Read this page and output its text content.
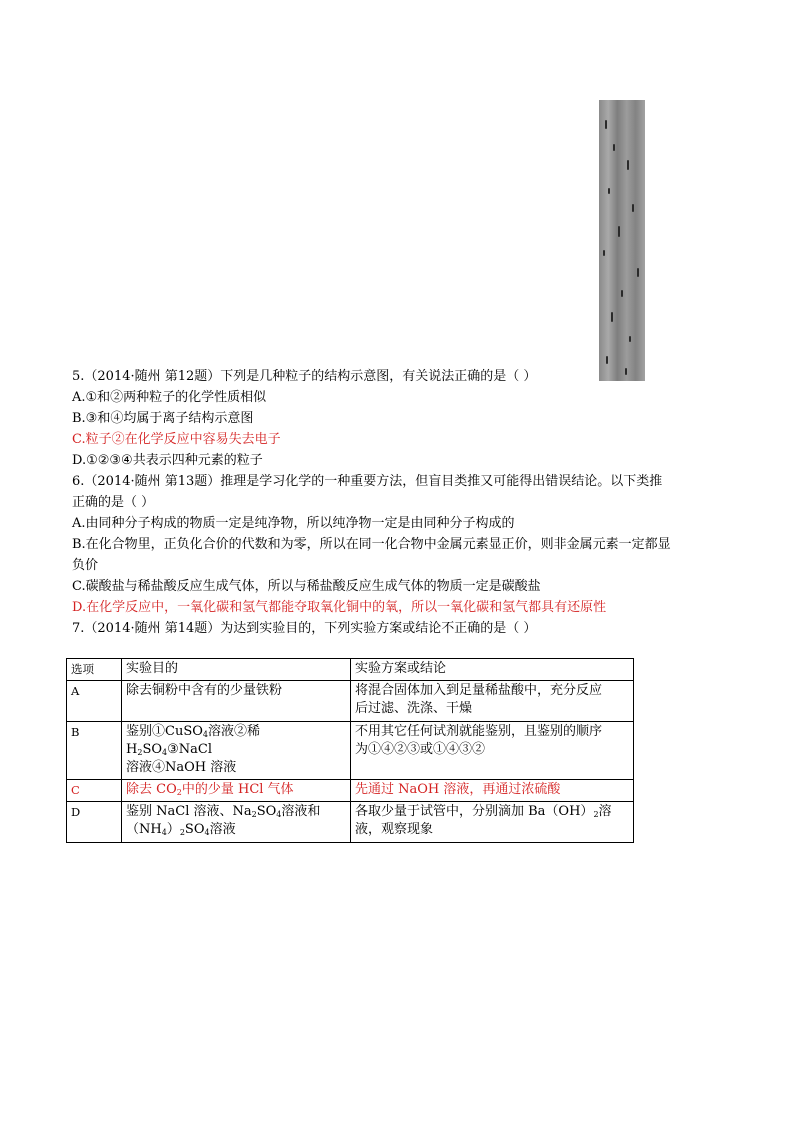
5.（2014·随州 第12题）下列是几种粒子的结构示意图，有关说法正确的是（ ）
A.①和②两种粒子的化学性质相似
B.③和④均属于离子结构示意图
C.粒子②在化学反应中容易失去电子
D.①②③④共表示四种元素的粒子
6.（2014·随州 第13题）推理是学习化学的一种重要方法，但盲目类推又可能得出错误结论。以下类推
正确的是（ ）
A.由同种分子构成的物质一定是纯净物，所以纯净物一定是由同种分子构成的
B.在化合物里，正负化合价的代数和为零，所以在同一化合物中金属元素显正价，则非金属元素一定都显
负价
C.碳酸盐与稀盐酸反应生成气体，所以与稀盐酸反应生成气体的物质一定是碳酸盐
D.在化学反应中，一氧化碳和氢气都能夺取氧化铜中的氧，所以一氧化碳和氢气都具有还原性
7.（2014·随州 第14题）为达到实验目的，下列实验方案或结论不正确的是（ ）
选项	实验目的	实验方案或结论
A	除去铜粉中含有的少量铁粉	将混合固体加入到足量稀盐酸中，充分反应
后过滤、洗涤、干燥
B	鉴别①CuSO$_4$溶液②稀 $H_2SO_4③NaCl$
溶液④NaOH 溶液	不用其它任何试剂就能鉴别，且鉴别的顺序
为①④②③或①④③②
C	除去 $CO_2$中的少量 HCl 气体	先通过 NaOH 溶液，再通过浓硫酸
D	鉴别 NaCl 溶液、$Na_2SO_4$溶液和
$(NH_4)_2SO_4$溶液	各取少量于试管中，分别滴加 $Ba(OH)_2$溶
液，观察现象
